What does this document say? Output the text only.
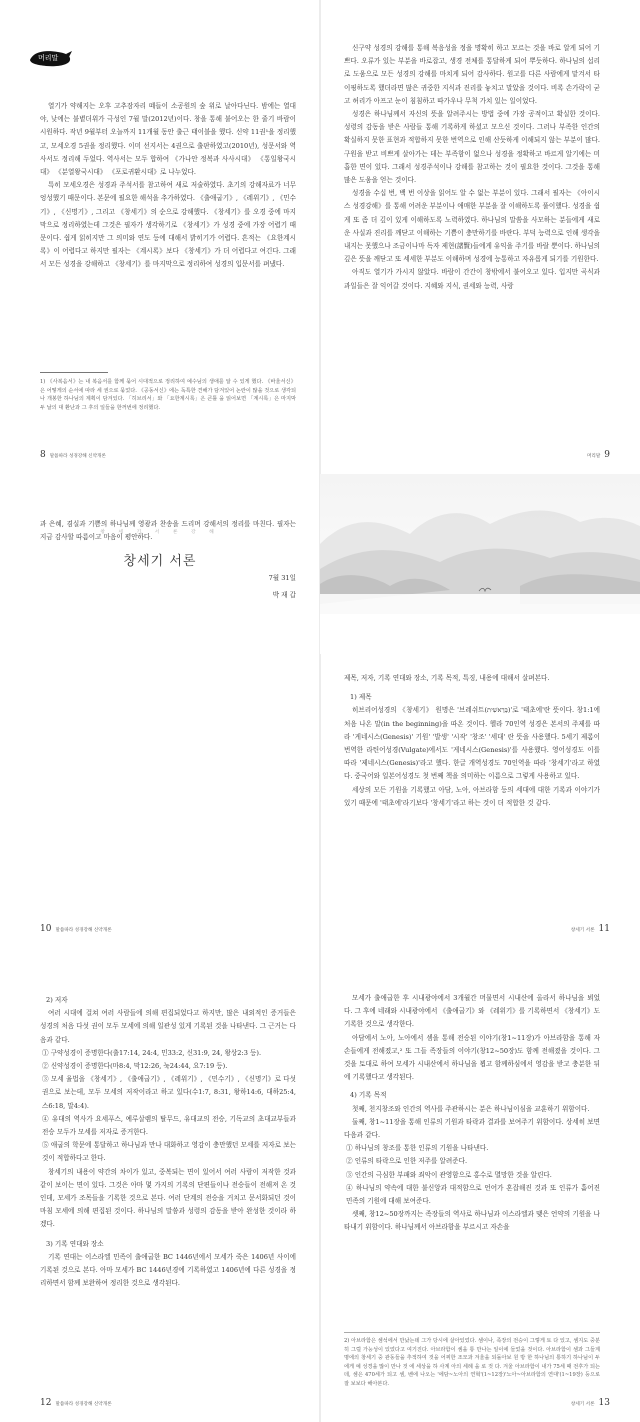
머리말

열기가 약해지는 오후 고추잠자리 떼들이 소공원의 숲 위로 날아다닌다. 밤에는 열대야, 낮에는 불볕더위가 극성인 7월 말(2012년)이다. 창을 통해 불어오는 한 줄기 바람이 시원하다. 작년 9월부터 오늘까지 11개월 동안 출근 태이블을 했다. 신약 11권¹을 정리했고, 모세오경 5권을 정리했다. 이미 선지서는 4권으로 출판하였고(2010년), 성문서와 역사서도 정리해 두었다. 역사서는 모두 합하여 《가나안 정복과 사사시대》 《통일왕국시대》 《분열왕국시대》 《포로귀환시대》로 나누었다.

특히 모세오경은 성경과 주석서를 참고하여 새로 저술하였다. 초기의 강해자료가 너무 엉성했기 때문이다. 본문에 필요한 해석을 추가하였다. 《출애굽기》, 《레위기》, 《민수기》, 《신명기》, 그리고 《창세기》의 순으로 강해했다. 《창세기》를 오경 중에 마지막으로 정리하였는데 그것은 필자가 생각하기로 《창세기》가 성경 중에 가장 어렵기 때문이다. 쉽게 읽히지만 그 의미와 연도 등에 대해서 밝히기가 어렵다. 흔적는 《요한계시록》이 어렵다고 하지만 필자는 《계시록》보다 《창세기》가 더 어렵다고 여긴다. 그래서 모든 성경을 강해하고 《창세기》를 마지막으로 정리하여 성경의 입문서를 펴냈다.

1) 《사복음서》는 내 복음서를 함께 묶어 시대적으로 정리하여 예수님의 생애를 알 수 있게 했다. 《바울서신》은 어떻게의 순서에 따라 세 권으로 묶었다. 《공동서신》에는 독특한 견해가 담겨있어 논란이 많을 것으로 생각되나 개봉한 하나님의 계획이 담겨있다. 「히브리서」와 「요한계시록」은 큰틀 을 읽어보면 「계시록」은 마지막 두 날의 대 환난과 그 후의 일들을 한꺼번에 정리했다.

8 말씀따라 성경강해 신약개론

신구약 성경의 강해를 통해 복음성을 정을 명확히 하고 모르는 것을 바로 알게 되어 기쁘다. 오류가 있는 부분을 바로잡고, 생경 전체를 통달하게 되어 뿌듯하다. 하나님의 섭리로 도움으로 모든 성경의 강해를 마치게 되어 감사하다. 원고를 다른 사람에게 맡겨서 타이핑하도록 했더라면 많은 귀중한 지식과 진리를 놓치고 말았을 것이다. 비록 손가락이 굳고 허리가 아프고 눈이 침침하고 따가우나 무척 가치 있는 일이었다.

성경은 하나님께서 자신의 뜻을 알려주시는 방법 중에 가장 공적이고 확실한 것이다. 성령의 감동을 받은 사람들 통해 기록하게 하셨고 모으신 것이다. 그러나 부족한 인간의 확실하지 못한 표현과 적합하지 못한 번역으로 인해 산듯하게 이해되지 않는 부분이 많다. 구원을 받고 비쁘게 살아가는 데는 부족함이 없으나 성경을 정확하고 바르게 알기에는 미흡한 면이 있다. 그래서 성경주석이나 강해를 참고하는 것이 필요한 것이다. 그것을 통해 많은 도움을 얻는 것이다.

성경을 수십 번, 백 번 이상을 읽어도 알 수 없는 부분이 있다. 그래서 필자는 《아이시스 성경강해》를 통해 어려운 부분이나 애매한 부분을 잘 이해하도록 풀이했다. 성경을 쉽게 또 좀 더 깊이 있게 이해하도록 노력하였다. 하나님의 말씀을 사모하는 분들에게 새로운 사실과 진리를 깨닫고 이해하는 기쁨이 충만하기를 바란다. 부덕 능력으로 인해 생각을 내지는 못했으나 조금이나마 독자 제현(諸賢)들에게 유익을 주기를 바랄 뿐이다. 하나님의 깊은 뜻을 깨닫고 또 세세한 부분도 이해하며 성경에 능통하고 자유롭게 되기를 기원한다.

아직도 열기가 가시지 않았다. 바람이 간간이 창밖에서 불어오고 있다. 입지만 곡식과 과일들은 잘 익어갈 것이다. 지혜와 지식, 권세와 능력, 사랑

머리말 9

과 은혜, 겸실과 기쁨의 하나님께 영광과 찬송을 드리며 강해서의 정리를 마친다. 필자는 지금 감사할 따름이고 마음이 평안하다.

7월 31일

박 재 갑

10 말씀따라 성경강해 신약개론

제목, 저자, 기록 연대와 장소, 기록 목적, 특징, 내용에 대해서 살펴본다.

1) 제목

히브리어성경의 《창세기》 원명은 '브레쉬트(בְּרֵאשִׁית)'로 '태초에'란 뜻이다. 창1:1에 처음 나온 말(in the beginning)을 따온 것이다. 헬라 70인역 성경은 본서의 주제를 따라 '게네시스(Genesis)' 기원' '발생' '시작' '창조' '세대' 란 뜻을 사용했다. 5세기 제롬이 번역한 라틴어성경(Vulgate)에서도 '게네시스(Genesis)'를 사용했다. 영어성경도 이를 따라 '제네시스(Genesis)'라고 했다. 한글 개역성경도 70인역을 따라 '창세기'라고 하였다. 중국어와 일본어성경도 첫 번째 책을 의미하는 이름으로 그렇게 사용하고 있다.

세상의 모든 기원을 기록했고 아담, 노아, 아브라함 등의 세대에 대한 기록과 이야기가 있기 때문에 '태초에'라기보다 '창세기'라고 하는 것이 더 적합한 것 같다.

창세기 서론 11
창 세 기 서 론 강 해
창세기 서론

2) 저자

여러 시대에 걸쳐 여러 사람들에 의해 편집되었다고 하지만, 많은 내외적인 증거들은 성경의 처음 다섯 권이 모두 모세에 의해 일관성 있게 기록된 것을 나타낸다. 그 근거는 다음과 같다.

① 구약성경이 증명한다(출17:14, 24:4, 민33:2, 신31:9, 24, 왕상2:3 등).

② 신약성경이 증명한다(마8:4, 막12:26, 눅24:44, 요7:19 등).

③ 모세 율법을 《창세기》, 《출애굽기》, 《레위기》, 《민수기》, 《신명기》로 다섯 권으로 보는데, 모두 모세의 저작이라고 하고 있다(수1:7, 8:31, 왕하14:6, 대하25:4, 스6:18, 말4:4).

④ 유대의 역사가 요세푸스, 예루살렘의 탈무드, 유대교의 전승, 기독교의 초대교부들과 전승 모두가 모세를 저자로 증거한다.

⑤ 애굽의 학문에 통달하고 하나님과 만나 대화하고 영감이 충만했던 모세를 저자로 보는 것이 적합하다고 한다.

창세기의 내용이 약간의 차이가 있고, 중복되는 면이 있어서 여러 사람이 저작한 것과 같이 보이는 면이 있다. 그것은 아마 몇 가지의 기록의 단편들이나 전승들이 전해져 온 것인데, 모세가 조목들을 기록한 것으로 본다. 여러 단계의 전승을 거치고 문서화되던 것이 마침 모세에 의해 편집된 것이다. 하나님의 말씀과 성령의 감동을 받아 완성한 것이라 하겠다.

3) 기록 연대와 장소

기록 연대는 이스라엘 민족이 출애굽한 BC 1446년에서 모세가 죽은 1406년 사이에 기록된 것으로 본다. 아마 모세가 BC 1446년경에 기록하였고 1406년에 다른 성경을 정리하면서 함께 보완하여 정리한 것으로 생각된다.

12 말씀따라 성경강해 신약개론

모세가 출애굽한 후 시내광야에서 3개월간 머물면서 시내산에 올라서 하나님을 뵈었다. 그 후에 네래와 시내광야에서 《출애굽기》와 《레위기》를 기록하면서 《창세기》도 기록한 것으로 생각한다.

아담에서 노아, 노아에서 셈을 통해 전승된 이야기(창1~11장)가 아브라함을 통해 자손들에게 전해졌고,² 또 그들 족장들의 이야기(창12~50장)도 함께 전해졌을 것이다. 그것을 토대로 하여 모세가 시내산에서 하나님을 뵙고 함께하심에서 영감을 받고 충분한 뒤에 기록했다고 생각된다.

4) 기록 목적

첫째, 천지창조와 인간의 역사를 주관하시는 분은 하나님이심을 교훈하기 위함이다.

둘째, 창1~11장을 통해 인류의 기원과 타락과 결과를 보여주기 위함이다. 상세히 보면 다음과 같다.

① 하나님의 창조를 통한 인류의 기원을 나타낸다.

② 인류의 타락으로 인한 저주를 알려준다.

③ 인간의 극심한 부패와 죄악이 관영함으로 홍수로 멸망한 것을 알린다.

④ 하나님의 약속에 대한 불신앙과 대적함으로 언어가 혼잡해진 것과 또 인류가 흩어진 민족의 기원에 대해 보여준다.

셋째, 창12~50장까지는 족장들의 역사로 하나님과 이스라엘과 맺은 언약의 기원을 나타내기 위함이다. 하나님께서 아브라함을 부르시고 자손을

2) 아브라함은 셈석에서 만났는데 그가 당시에 살아있었다. 셈이나, 족장의 전승이 그렇게 토 다 있고, 셈지도 중분히 그럴 가능성이 있었다고 여기진다. 아브라함이 셈을 통 만나는 일이에 들었을 것이다. 아브라함이 셈과 그들계명에의 창세기 중 관동들을 추적하여 것을 어찌한 조모과 겨울을 되돌아보 원 방 한 하나님의 통하기 하나님이 두에게 예 성경을 많이 만나 것 에 세상을 하 사계 아의 세례 을 로 것 다. 겨울 아브라함이 내가 75세 때 전후가 되는데, 셈은 470세가 되고 셈, 벤에 나오는 '에담~노아의 연혁'(1~12장)'노아~아브라함의 연대'(1~19장) 등으로 잘 보보다 해아본다.

창세기 서론 13
